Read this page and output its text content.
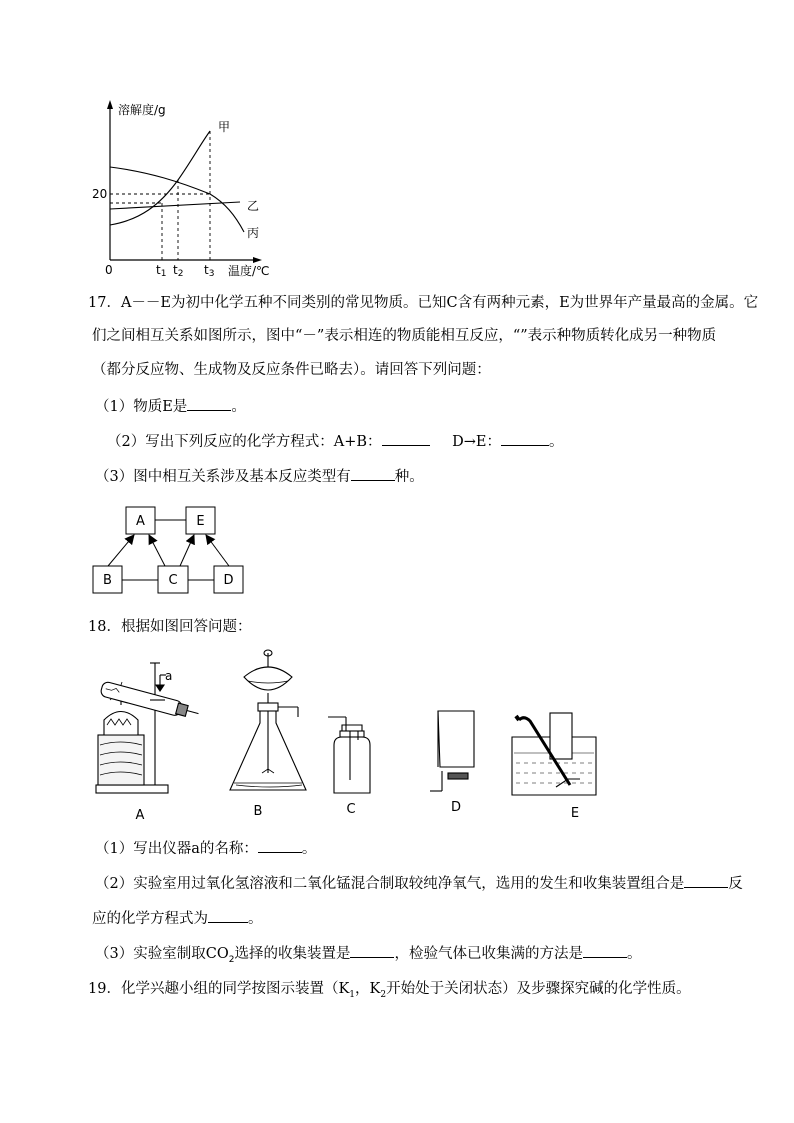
溶解度/g
温度/℃
0
20
甲
乙
丙
t1 t2 t3
17．A－－E为初中化学五种不同类别的常见物质。已知C含有两种元素，E为世界年产量最高的金属。它
们之间相互关系如图所示，图中“－”表示相连的物质能相互反应，“”表示种物质转化成另一种物质
（都分反应物、生成物及反应条件已略去）。请回答下列问题：
（1）物质E是	。
（2）写出下列反应的化学方程式：A+B：	D→E：	。
（3）图中相互关系涉及基本反应类型有	种。
A	E
B	C	D
18．根据如图回答问题：
a
A	B	C	D	E
（1）写出仪器a的名称：	。
（2）实验室用过氧化氢溶液和二氧化锰混合制取较纯净氧气，选用的发生和收集装置组合是	反
应的化学方程式为	。
（3）实验室制取$CO_2$选择的收集装置是	，检验气体已收集满的方法是	。
19．化学兴趣小组的同学按图示装置（$K_1$，$K_2$开始处于关闭状态）及步骤探究碱的化学性质。
